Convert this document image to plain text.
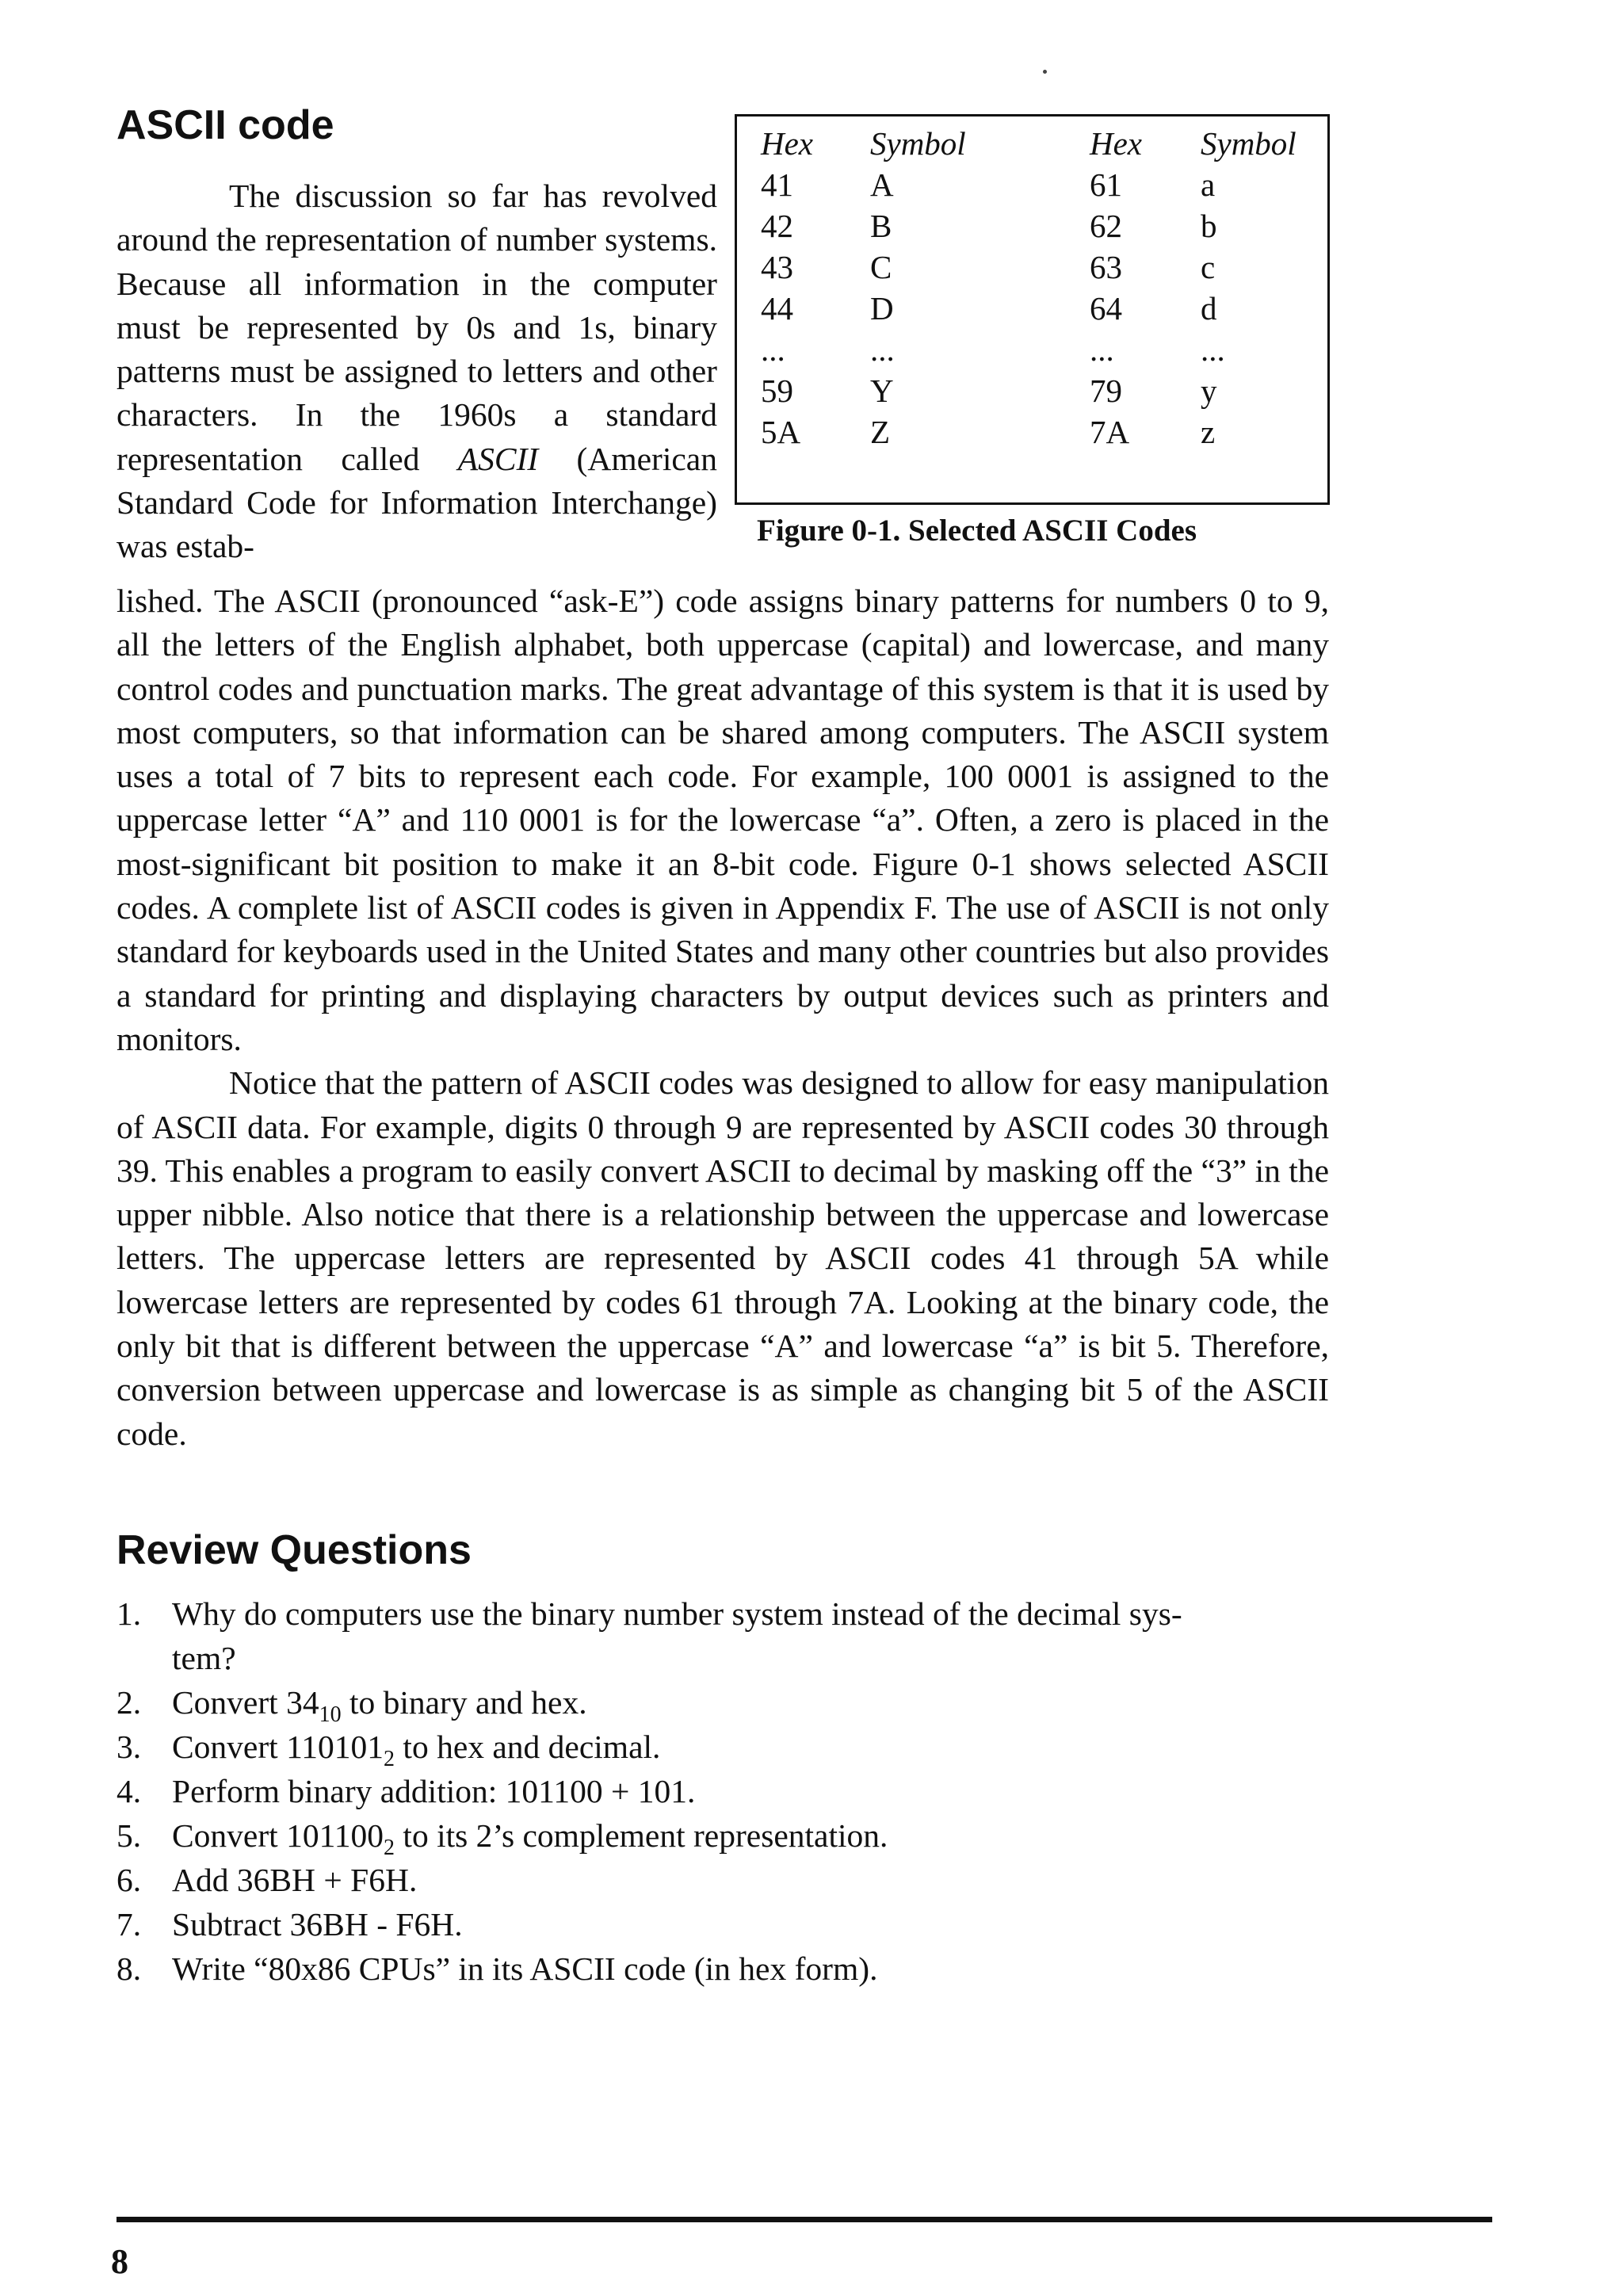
ASCII code

The discussion so far has revolved around the representation of number systems. Because all information in the computer must be represented by 0s and 1s, binary patterns must be assigned to letters and other characters. In the 1960s a standard representation called ASCII (American Standard Code for Information Interchange) was estab-

Hex
41
42
43
44
...
59
5A
Symbol
A
B
C
D
...
Y
Z
Hex
61
62
63
64
...
79
7A
Symbol
a
b
c
d
...
y
z

Figure 0-1. Selected ASCII Codes

lished. The ASCII (pronounced “ask-E”) code assigns binary patterns for numbers 0 to 9, all the letters of the English alphabet, both uppercase (capital) and lowercase, and many control codes and punctuation marks. The great advantage of this system is that it is used by most computers, so that information can be shared among computers. The ASCII system uses a total of 7 bits to represent each code. For example, 100 0001 is assigned to the uppercase letter “A” and 110 0001 is for the lowercase “a”. Often, a zero is placed in the most-significant bit position to make it an 8-bit code. Figure 0-1 shows selected ASCII codes. A complete list of ASCII codes is given in Appendix F. The use of ASCII is not only standard for keyboards used in the United States and many other countries but also provides a standard for printing and displaying characters by output devices such as printers and monitors.

Notice that the pattern of ASCII codes was designed to allow for easy manipulation of ASCII data. For example, digits 0 through 9 are represented by ASCII codes 30 through 39. This enables a program to easily convert ASCII to decimal by masking off the “3” in the upper nibble. Also notice that there is a relationship between the uppercase and lowercase letters. The uppercase letters are represented by ASCII codes 41 through 5A while lowercase letters are represented by codes 61 through 7A. Looking at the binary code, the only bit that is different between the uppercase “A” and lowercase “a” is bit 5. Therefore, conversion between uppercase and lowercase is as simple as changing bit 5 of the ASCII code.

Review Questions
1. Why do computers use the binary number system instead of the decimal sys-
tem?
2. Convert $34_{10}$ to binary and hex.
3. Convert $110101_2$ to hex and decimal.
4. Perform binary addition: 101100 + 101.
5. Convert $101100_2$ to its 2’s complement representation.
6. Add 36BH + F6H.
7. Subtract 36BH - F6H.
8. Write “80x86 CPUs” in its ASCII code (in hex form).

8
